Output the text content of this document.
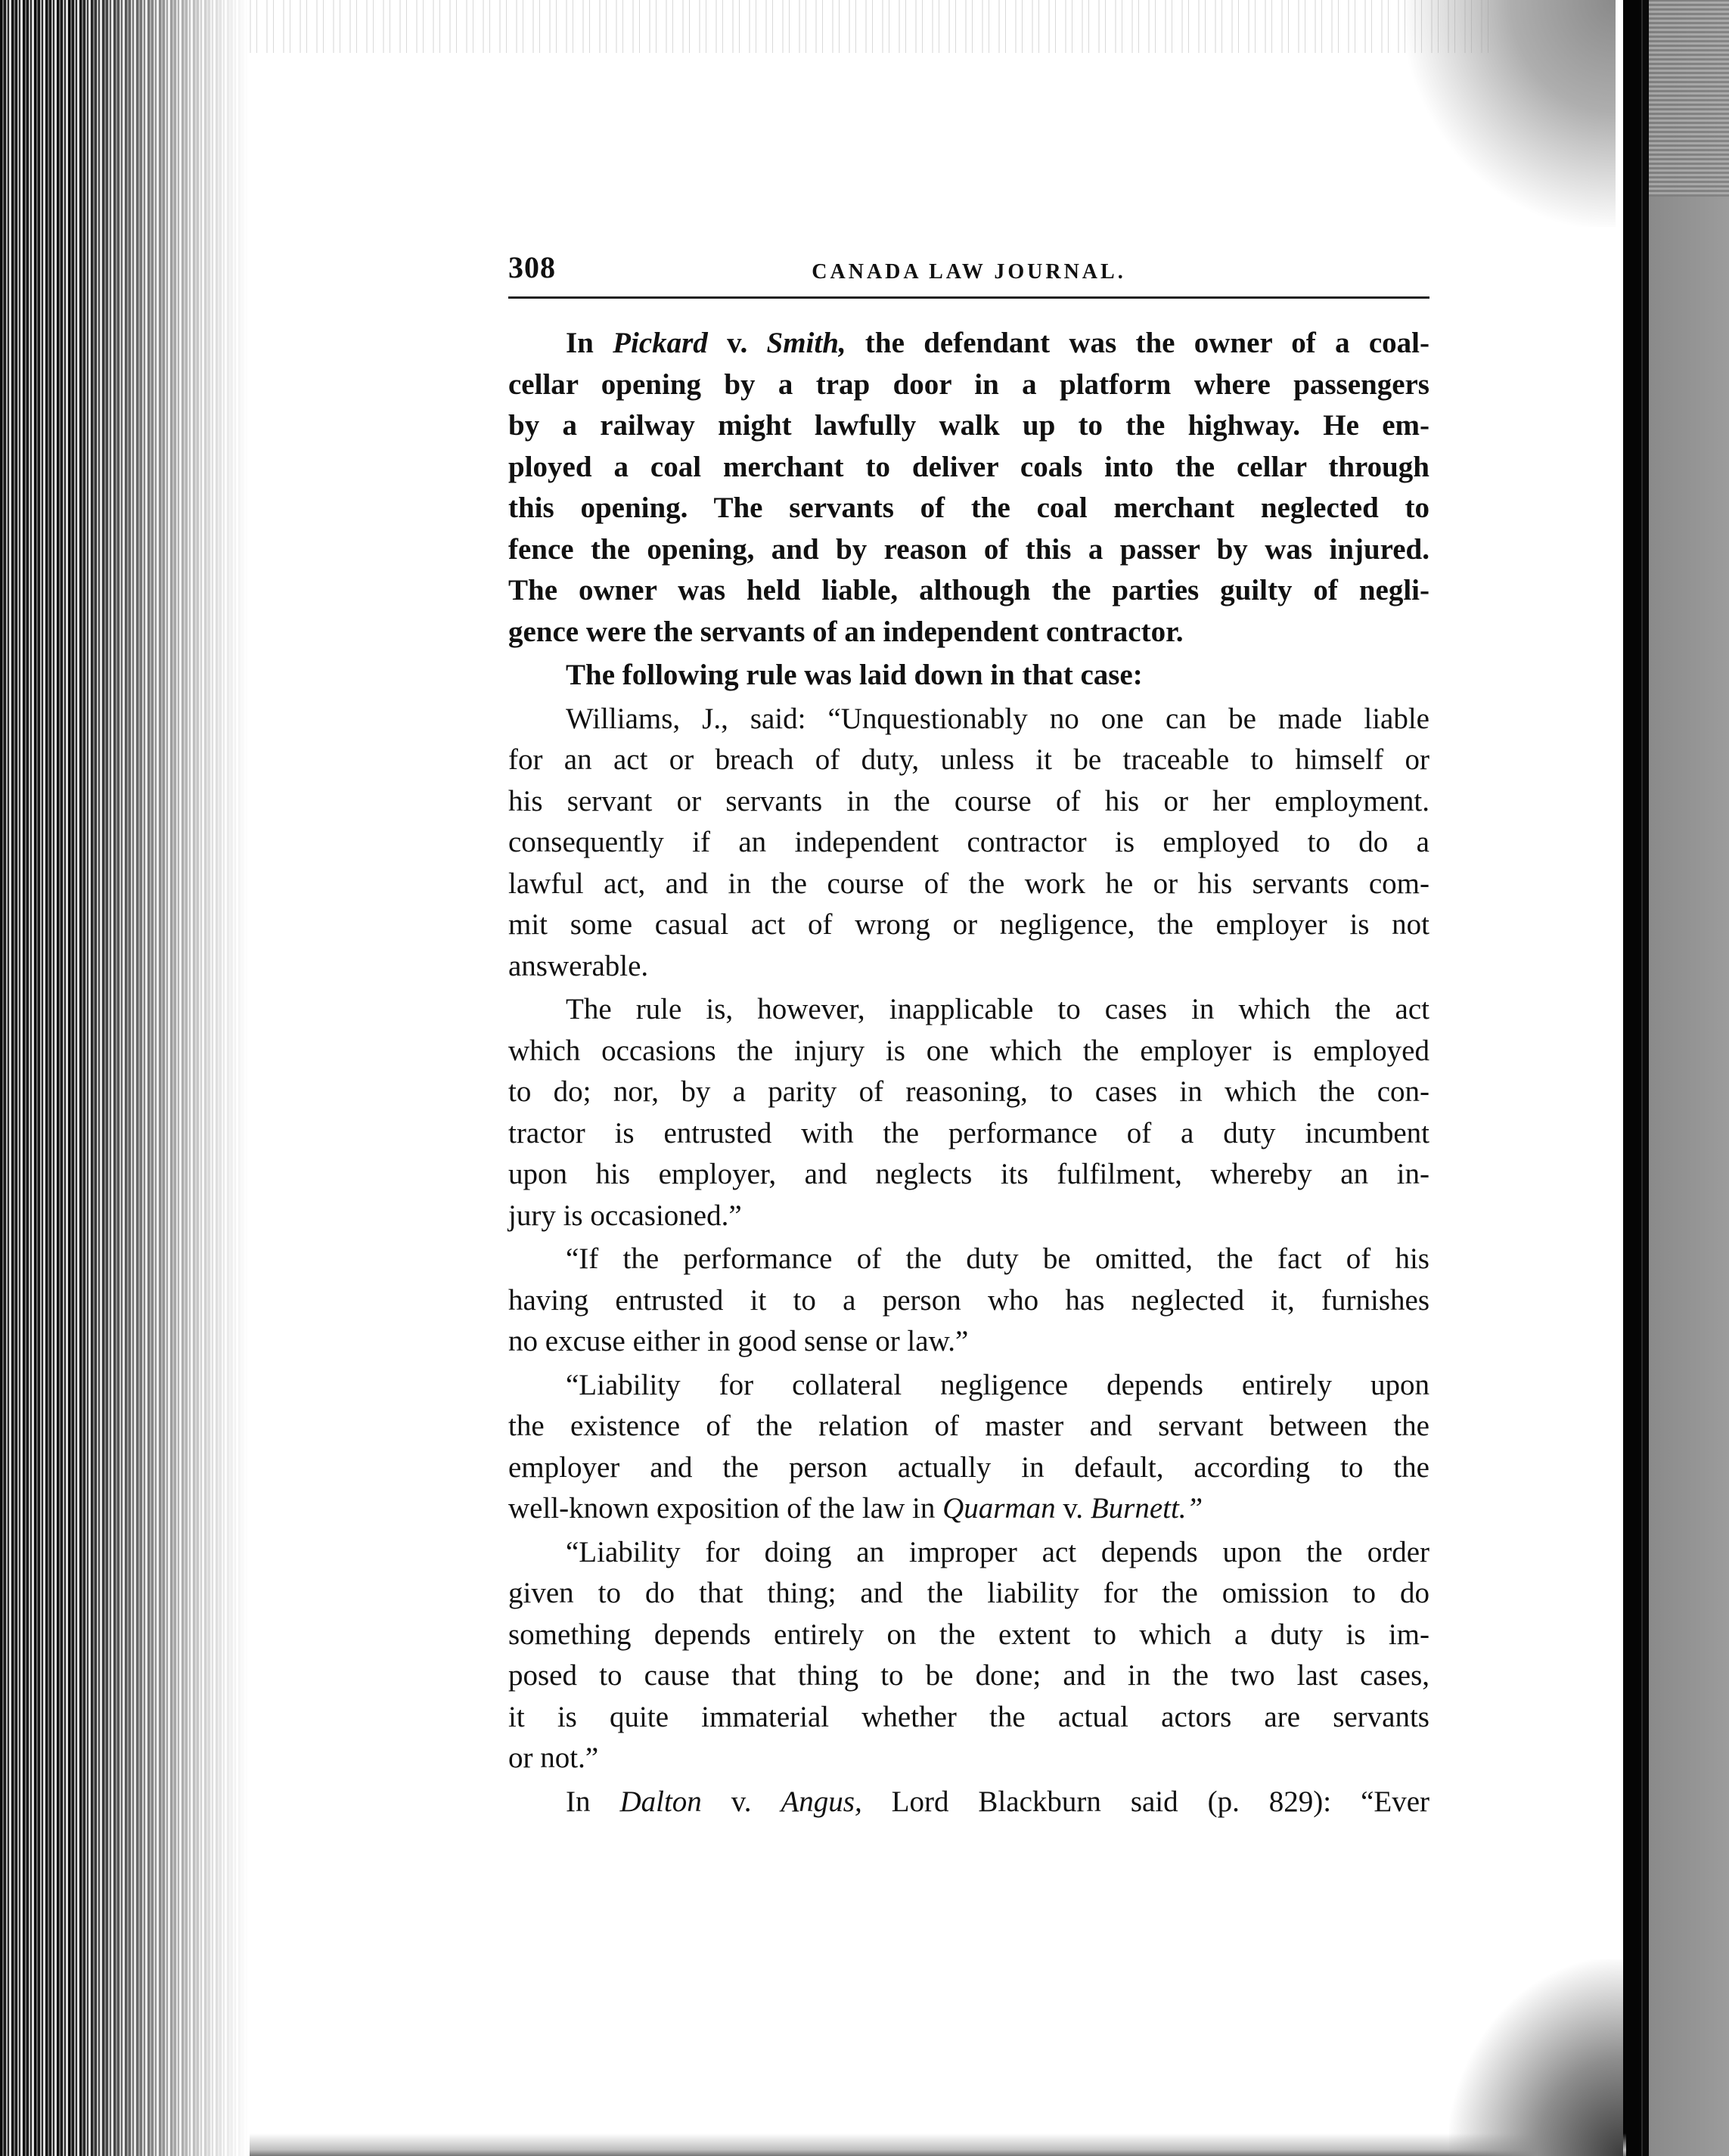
308	CANADA LAW JOURNAL.
In Pickard v. Smith, the defendant was the owner of a coal-
cellar opening by a trap door in a platform where passengers
by a railway might lawfully walk up to the highway. He em-
ployed a coal merchant to deliver coals into the cellar through
this opening. The servants of the coal merchant neglected to
fence the opening, and by reason of this a passer by was injured.
The owner was held liable, although the parties guilty of negli-
gence were the servants of an independent contractor.
The following rule was laid down in that case:
Williams, J., said: “Unquestionably no one can be made liable
for an act or breach of duty, unless it be traceable to himself or
his servant or servants in the course of his or her employment.
consequently if an independent contractor is employed to do a
lawful act, and in the course of the work he or his servants com-
mit some casual act of wrong or negligence, the employer is not
answerable.
The rule is, however, inapplicable to cases in which the act
which occasions the injury is one which the employer is employed
to do; nor, by a parity of reasoning, to cases in which the con-
tractor is entrusted with the performance of a duty incumbent
upon his employer, and neglects its fulfilment, whereby an in-
jury is occasioned.”
“If the performance of the duty be omitted, the fact of his
having entrusted it to a person who has neglected it, furnishes
no excuse either in good sense or law.”
“Liability for collateral negligence depends entirely upon
the existence of the relation of master and servant between the
employer and the person actually in default, according to the
well-known exposition of the law in Quarman v. Burnett.”
“Liability for doing an improper act depends upon the order
given to do that thing; and the liability for the omission to do
something depends entirely on the extent to which a duty is im-
posed to cause that thing to be done; and in the two last cases,
it is quite immaterial whether the actual actors are servants
or not.”
In Dalton v. Angus, Lord Blackburn said (p. 829): “Ever
